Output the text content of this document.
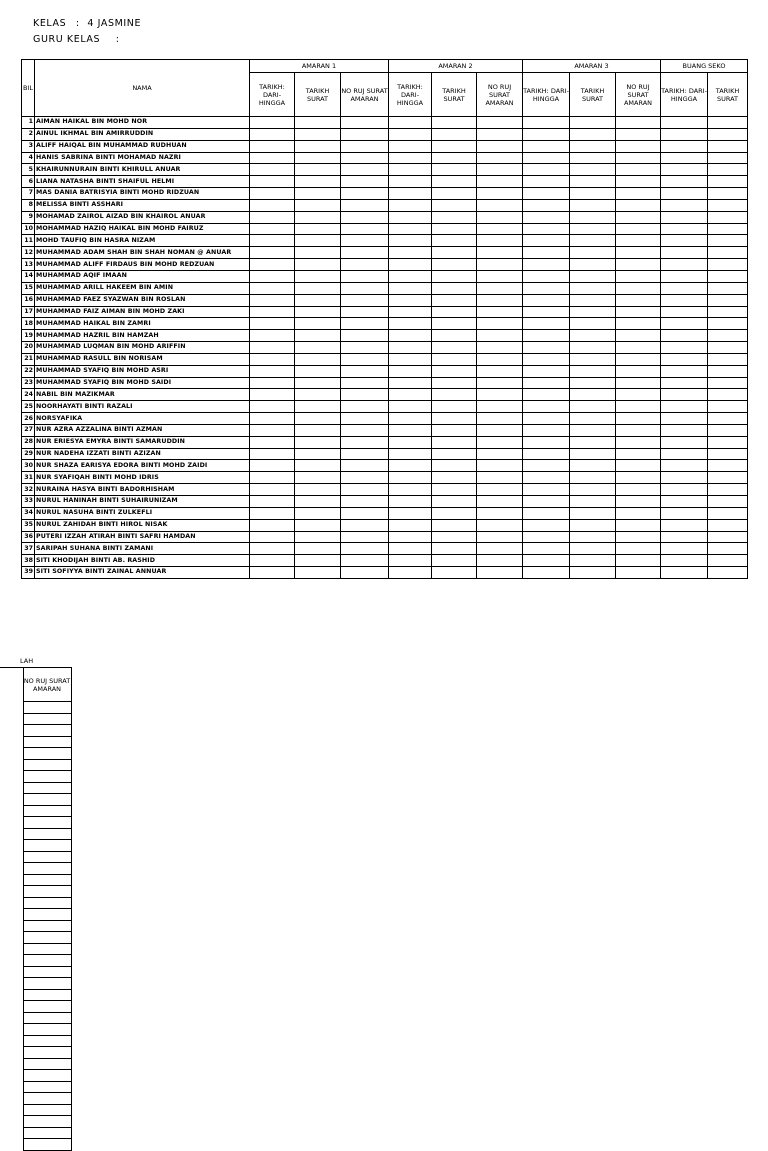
KELAS : 4 JASMINE
GURU KELAS :
BIL	NAMA	AMARAN 1			AMARAN 2			AMARAN 3			BUANG SEKO	
		TARIKH: DARI- HINGGA	TARIKH SURAT	NO RUJ SURAT AMARAN	TARIKH: DARI- HINGGA	TARIKH SURAT	NO RUJ SURAT AMARAN	TARIKH: DARI- HINGGA	TARIKH SURAT	NO RUJ SURAT AMARAN	TARIKH: DARI- HINGGA	TARIKH SURAT
1	AIMAN HAIKAL BIN MOHD NOR											
2	AINUL IKHMAL BIN AMIRRUDDIN											
3	ALIFF HAIQAL BIN MUHAMMAD RUDHUAN											
4	HANIS SABRINA BINTI MOHAMAD NAZRI											
5	KHAIRUNNURAIN BINTI KHIRULL ANUAR											
6	LIANA NATASHA BINTI SHAIFUL HELMI											
7	MAS DANIA BATRISYIA BINTI MOHD RIDZUAN											
8	MELISSA BINTI ASSHARI											
9	MOHAMAD ZAIROL AIZAD BIN KHAIROL ANUAR											
10	MOHAMMAD HAZIQ HAIKAL BIN MOHD FAIRUZ											
11	MOHD TAUFIQ BIN HASRA NIZAM											
12	MUHAMMAD ADAM SHAH BIN SHAH NOMAN @ ANUAR											
13	MUHAMMAD ALIFF FIRDAUS BIN MOHD REDZUAN											
14	MUHAMMAD AQIF IMAAN											
15	MUHAMMAD ARILL HAKEEM BIN AMIN											
16	MUHAMMAD FAEZ SYAZWAN BIN ROSLAN											
17	MUHAMMAD FAIZ AIMAN BIN MOHD ZAKI											
18	MUHAMMAD HAIKAL BIN ZAMRI											
19	MUHAMMAD HAZRIL BIN HAMZAH											
20	MUHAMMAD LUQMAN BIN MOHD ARIFFIN											
21	MUHAMMAD RASULL BIN NORISAM											
22	MUHAMMAD SYAFIQ BIN MOHD ASRI											
23	MUHAMMAD SYAFIQ BIN MOHD SAIDI											
24	NABIL BIN MAZIKMAR											
25	NOORHAYATI BINTI RAZALI											
26	NORSYAFIKA											
27	NUR AZRA AZZALINA BINTI AZMAN											
28	NUR ERIESYA EMYRA BINTI SAMARUDDIN											
29	NUR NADEHA IZZATI BINTI AZIZAN											
30	NUR SHAZA EARISYA EDORA BINTI MOHD ZAIDI											
31	NUR SYAFIQAH BINTI MOHD IDRIS											
32	NURAINA HASYA BINTI BADORHISHAM											
33	NURUL HANINAH BINTI SUHAIRUNIZAM											
34	NURUL NASUHA BINTI ZULKEFLI											
35	NURUL ZAHIDAH BINTI HIROL NISAK											
36	PUTERI IZZAH ATIRAH BINTI SAFRI HAMDAN											
37	SARIPAH SUHANA BINTI ZAMANI											
38	SITI KHODIJAH BINTI AB. RASHID											
39	SITI SOFIYYA BINTI ZAINAL ANNUAR											
LAH	
	NO RUJ SURAT AMARAN
